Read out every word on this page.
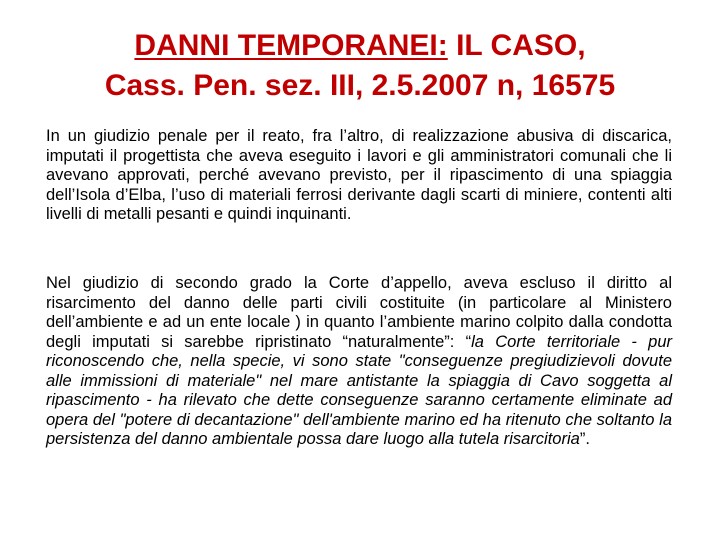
DANNI TEMPORANEI: IL CASO,
Cass. Pen. sez. III, 2.5.2007 n, 16575
In un giudizio penale per il reato, fra l’altro, di realizzazione abusiva di discarica, imputati il progettista che aveva eseguito i lavori e gli amministratori comunali che li avevano approvati, perché avevano previsto, per il ripascimento di una spiaggia dell’Isola d’Elba, l’uso di materiali ferrosi derivante dagli scarti di miniere, contenti alti livelli di metalli pesanti e quindi inquinanti.
Nel giudizio di secondo grado la Corte d’appello, aveva escluso il diritto al risarcimento del danno delle parti civili costituite (in particolare al Ministero dell’ambiente e ad un ente locale ) in quanto l’ambiente marino colpito dalla condotta degli imputati si sarebbe ripristinato “naturalmente”: “la Corte territoriale - pur riconoscendo che, nella specie, vi sono state "conseguenze pregiudizievoli dovute alle immissioni di materiale" nel mare antistante la spiaggia di Cavo soggetta al ripascimento - ha rilevato che dette conseguenze saranno certamente eliminate ad opera del "potere di decantazione" dell'ambiente marino ed ha ritenuto che soltanto la persistenza del danno ambientale possa dare luogo alla tutela risarcitoria”.
